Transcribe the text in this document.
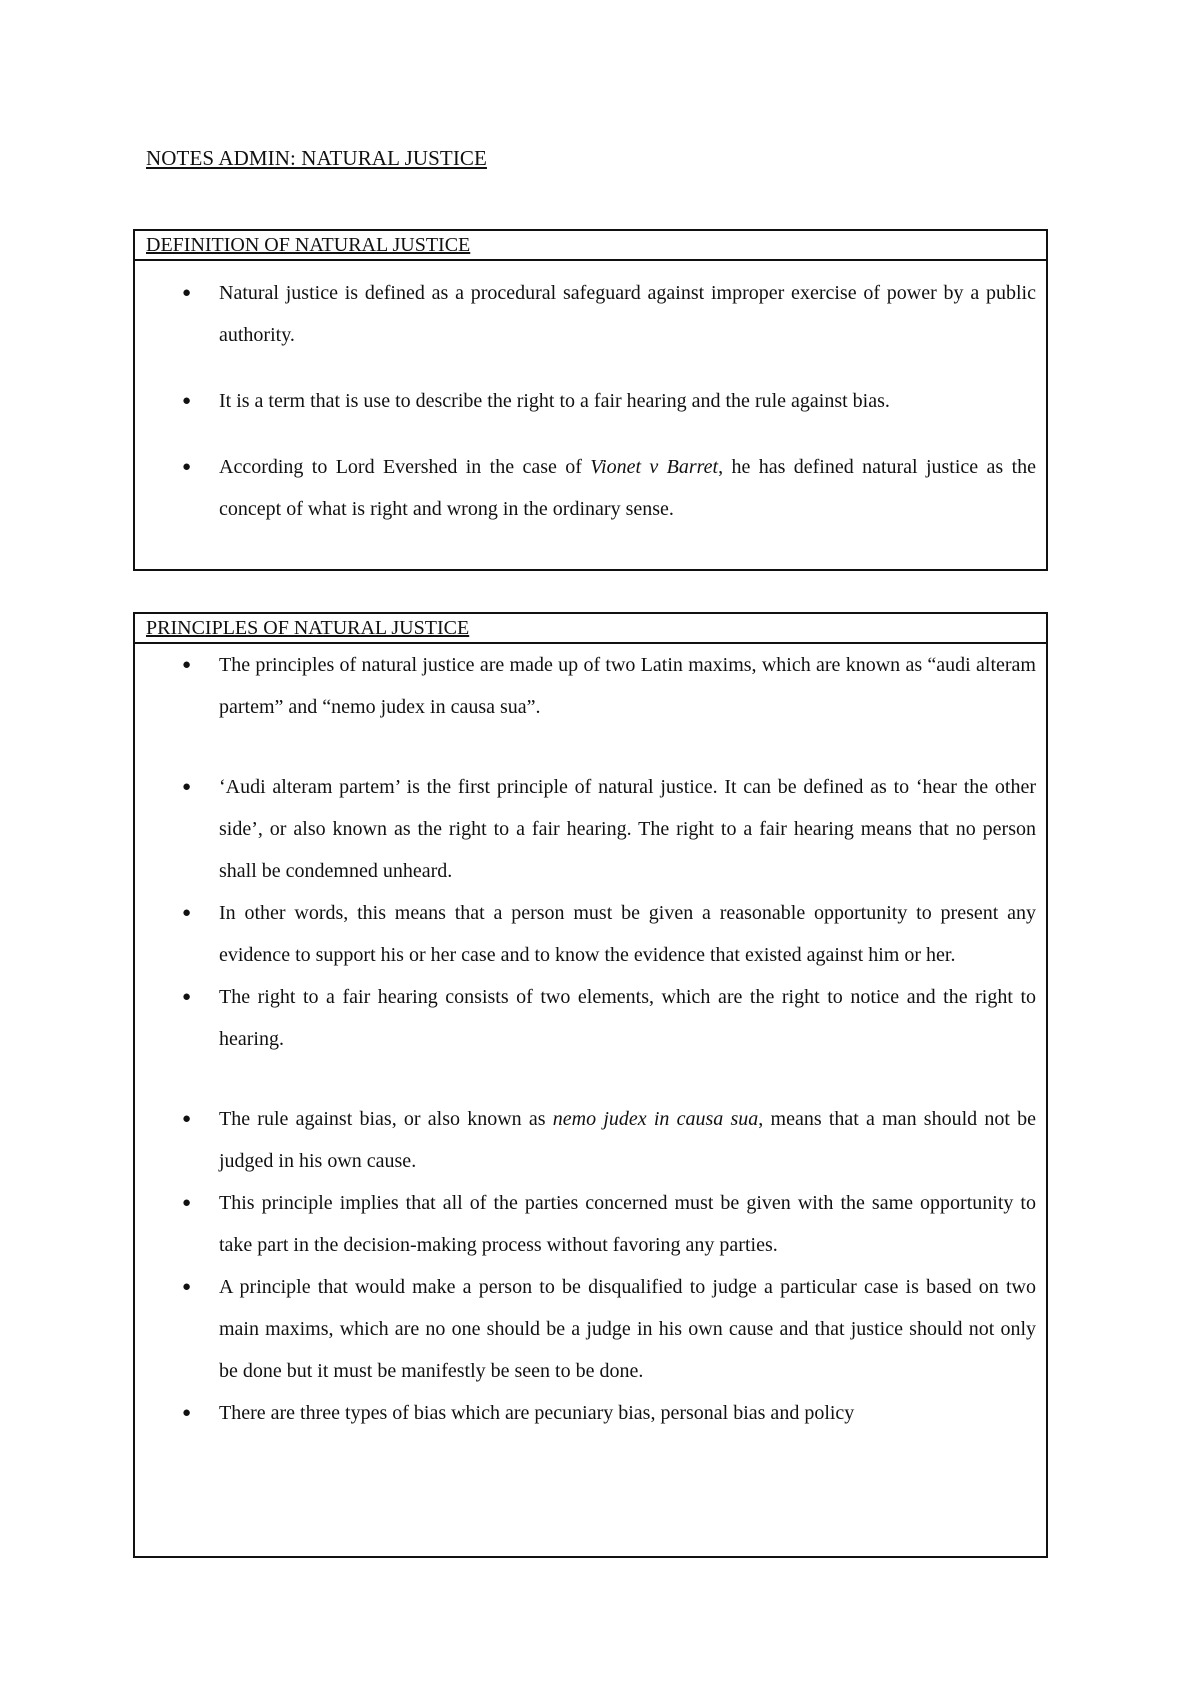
NOTES ADMIN: NATURAL JUSTICE
DEFINITION OF NATURAL JUSTICE
● Natural justice is defined as a procedural safeguard against improper exercise of power by a public authority.
● It is a term that is use to describe the right to a fair hearing and the rule against bias.
● According to Lord Evershed in the case of Vionet v Barret, he has defined natural justice as the concept of what is right and wrong in the ordinary sense.
PRINCIPLES OF NATURAL JUSTICE
● The principles of natural justice are made up of two Latin maxims, which are known as “audi alteram partem” and “nemo judex in causa sua”.
● ‘Audi alteram partem’ is the first principle of natural justice. It can be defined as to ‘hear the other side’, or also known as the right to a fair hearing. The right to a fair hearing means that no person shall be condemned unheard.
● In other words, this means that a person must be given a reasonable opportunity to present any evidence to support his or her case and to know the evidence that existed against him or her.
● The right to a fair hearing consists of two elements, which are the right to notice and the right to hearing.
● The rule against bias, or also known as nemo judex in causa sua, means that a man should not be judged in his own cause.
● This principle implies that all of the parties concerned must be given with the same opportunity to take part in the decision-making process without favoring any parties.
● A principle that would make a person to be disqualified to judge a particular case is based on two main maxims, which are no one should be a judge in his own cause and that justice should not only be done but it must be manifestly be seen to be done.
● There are three types of bias which are pecuniary bias, personal bias and policy
